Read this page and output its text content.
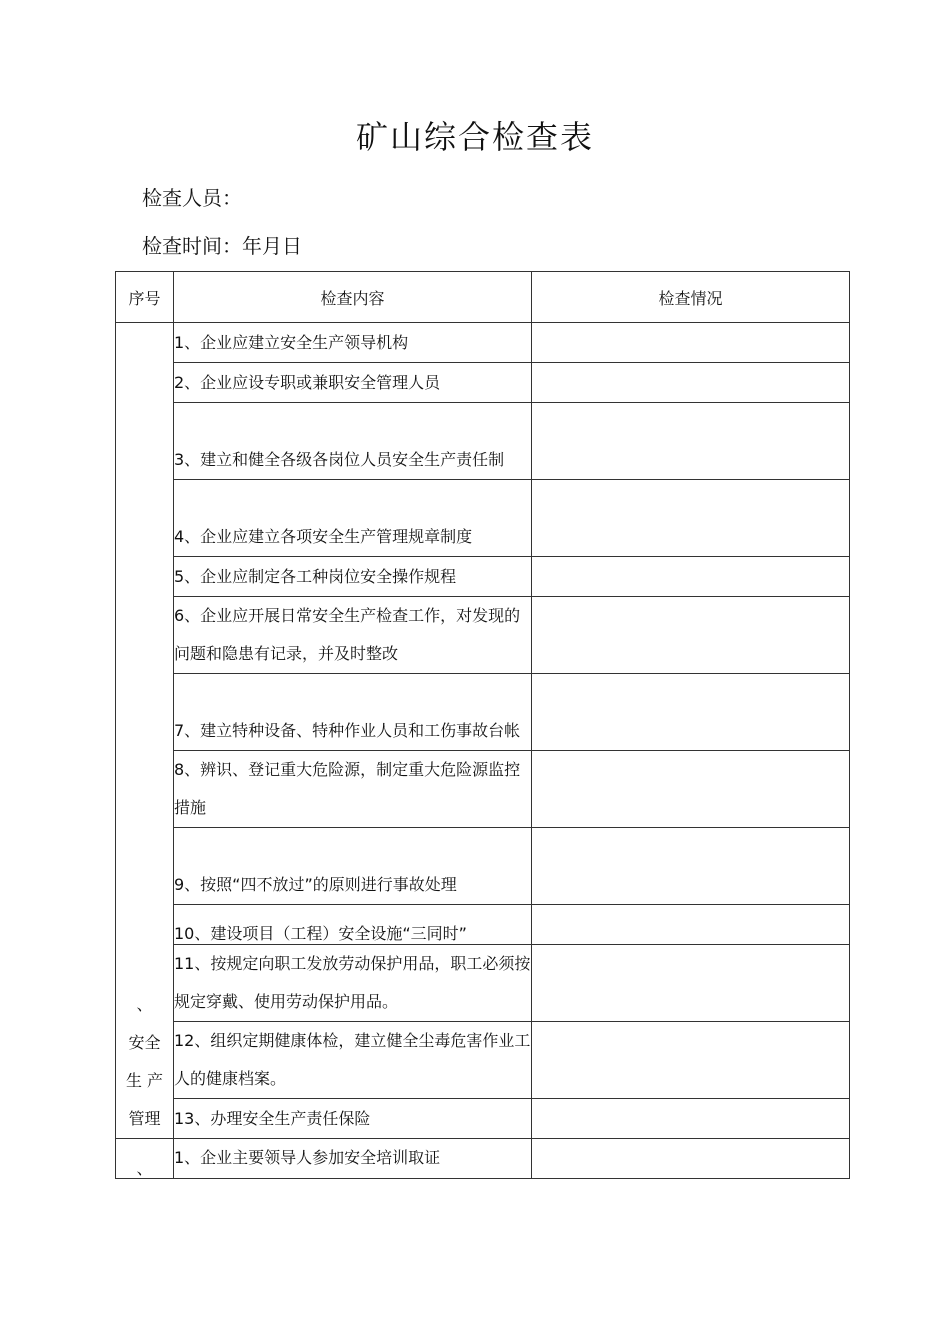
矿山综合检查表
检查人员：
检查时间：年月日
序号	检查内容	检查情况

、
安全
生 产
管理	1、企业应建立安全生产领导机构	
	2、企业应设专职或兼职安全管理人员	
	3、建立和健全各级各岗位人员安全生产责任制	
	4、企业应建立各项安全生产管理规章制度	
	5、企业应制定各工种岗位安全操作规程	
	6、企业应开展日常安全生产检查工作，对发现的问题和隐患有记录，并及时整改	
	7、建立特种设备、特种作业人员和工伤事故台帐	
	8、辨识、登记重大危险源，制定重大危险源监控措施	
	9、按照“四不放过”的原则进行事故处理	
	10、建设项目（工程）安全设施“三同时”	
	11、按规定向职工发放劳动保护用品，职工必须按规定穿戴、使用劳动保护用品。	
	12、组织定期健康体检，建立健全尘毒危害作业工人的健康档案。	
	13、办理安全生产责任保险	
、	1、企业主要领导人参加安全培训取证	
